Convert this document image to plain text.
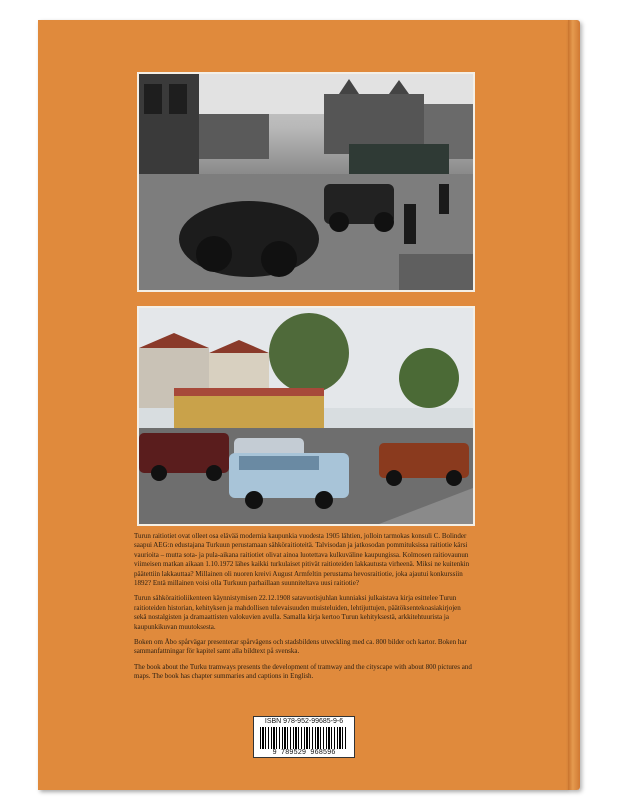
Turun raitiotiet ovat olleet osa elävää modernia kaupunkia vuodesta 1905 lähtien, jolloin tarmokas konsuli C. Bolinder saapui AEG:n edustajana Turkuun perustamaan sähköraitioteitä. Talvisodan ja jatkosodan pommituksissa raitiotie kärsi vaurioita – mutta sota- ja pula-aikana raitiotiet olivat ainoa luotettava kulkuväline kaupungissa. Kolmosen raitiovaunun viimeisen matkan aikaan 1.10.1972 lähes kaikki turkulaiset pitivät raitioteiden lakkautusta virheenä. Miksi ne kuitenkin päätettiin lakkauttaa? Millainen oli nuoren kreivi August Armfeltin perustama hevosraitiotie, joka ajautui konkurssiin 1892? Entä millainen voisi olla Turkuun parhaillaan suunniteltava uusi raitiotie?

Turun sähköraitioliikenteen käynnistymisen 22.12.1908 satavuotisjuhlan kunniaksi julkaistava kirja esittelee Turun raitioteiden historian, kehityksen ja mahdollisen tulevaisuuden muisteluiden, lehtijuttujen, päätöksentekoasiakirjojen sekä nostalgisten ja dramaattisten valokuvien avulla. Samalla kirja kertoo Turun kehityksestä, arkkitehtuurista ja kaupunkikuvan muutoksesta.

Boken om Åbo spårvägar presenterar spårvägens och stadsbildens utveckling med ca. 800 bilder och kartor. Boken har sammanfattningar för kapitel samt alla bildtext på svenska.

The book about the Turku tramways presents the development of tramway and the cityscape with about 800 pictures and maps. The book has chapter summaries and captions in English.

ISBN 978-952-99685-9-6
9 789529 968596
